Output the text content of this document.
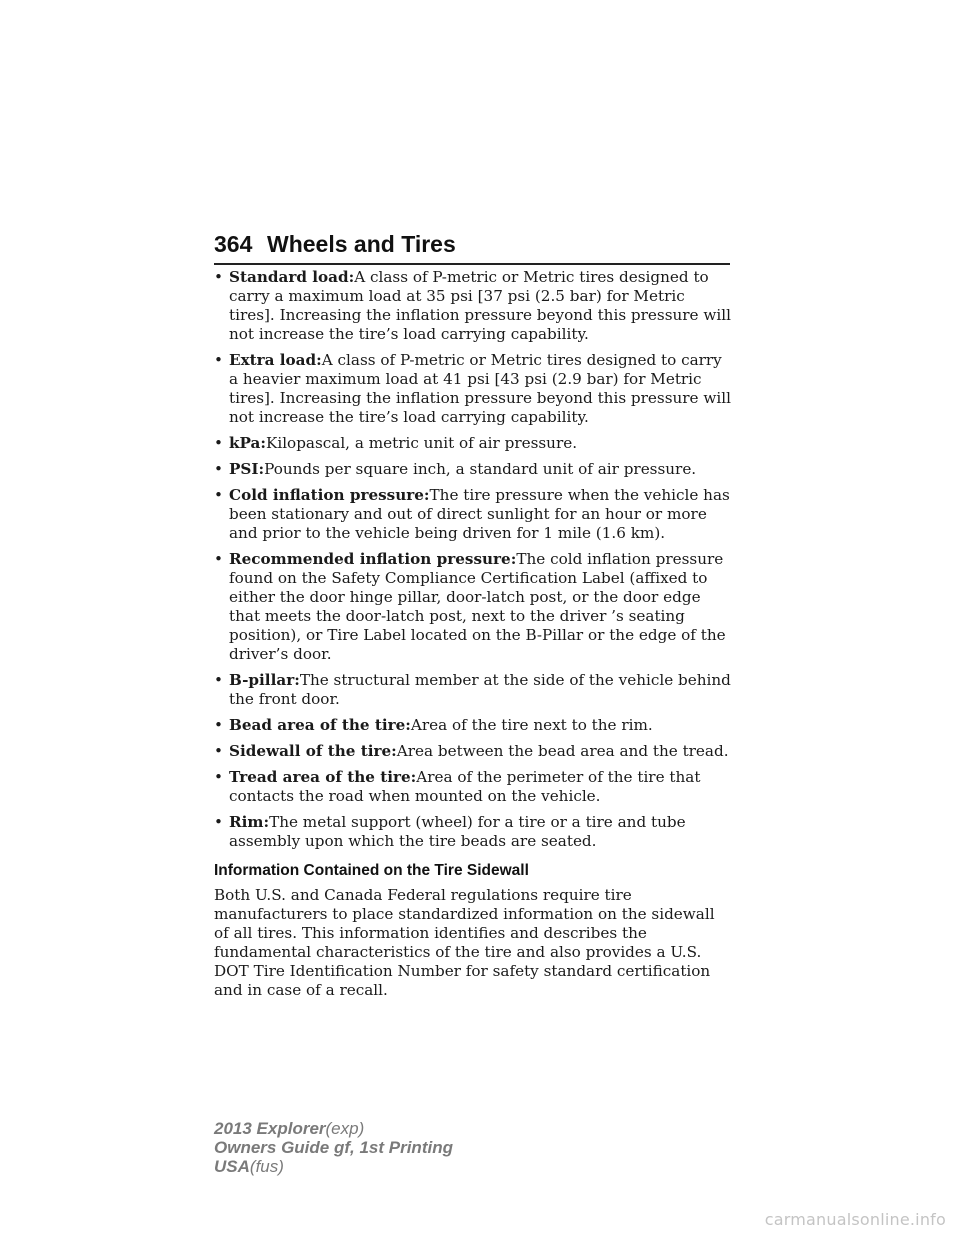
364 Wheels and Tires
• Standard load:A class of P-metric or Metric tires designed to carry a maximum load at 35 psi [37 psi (2.5 bar) for Metric tires]. Increasing the inflation pressure beyond this pressure will not increase the tire’s load carrying capability.
• Extra load:A class of P-metric or Metric tires designed to carry a heavier maximum load at 41 psi [43 psi (2.9 bar) for Metric tires]. Increasing the inflation pressure beyond this pressure will not increase the tire’s load carrying capability.
• kPa:Kilopascal, a metric unit of air pressure.
• PSI:Pounds per square inch, a standard unit of air pressure.
• Cold inflation pressure:The tire pressure when the vehicle has been stationary and out of direct sunlight for an hour or more and prior to the vehicle being driven for 1 mile (1.6 km).
• Recommended inflation pressure:The cold inflation pressure found on the Safety Compliance Certification Label (affixed to either the door hinge pillar, door-latch post, or the door edge that meets the door-latch post, next to the driver ’s seating position), or Tire Label located on the B-Pillar or the edge of the driver’s door.
• B-pillar:The structural member at the side of the vehicle behind the front door.
• Bead area of the tire:Area of the tire next to the rim.
• Sidewall of the tire:Area between the bead area and the tread.
• Tread area of the tire:Area of the perimeter of the tire that contacts the road when mounted on the vehicle.
• Rim:The metal support (wheel) for a tire or a tire and tube assembly upon which the tire beads are seated.
Information Contained on the Tire Sidewall

Both U.S. and Canada Federal regulations require tire manufacturers to place standardized information on the sidewall of all tires. This information identifies and describes the fundamental characteristics of the tire and also provides a U.S. DOT Tire Identification Number for safety standard certification and in case of a recall.

2013 Explorer(exp)
Owners Guide gf, 1st Printing
USA(fus)
carmanualsonline.info
